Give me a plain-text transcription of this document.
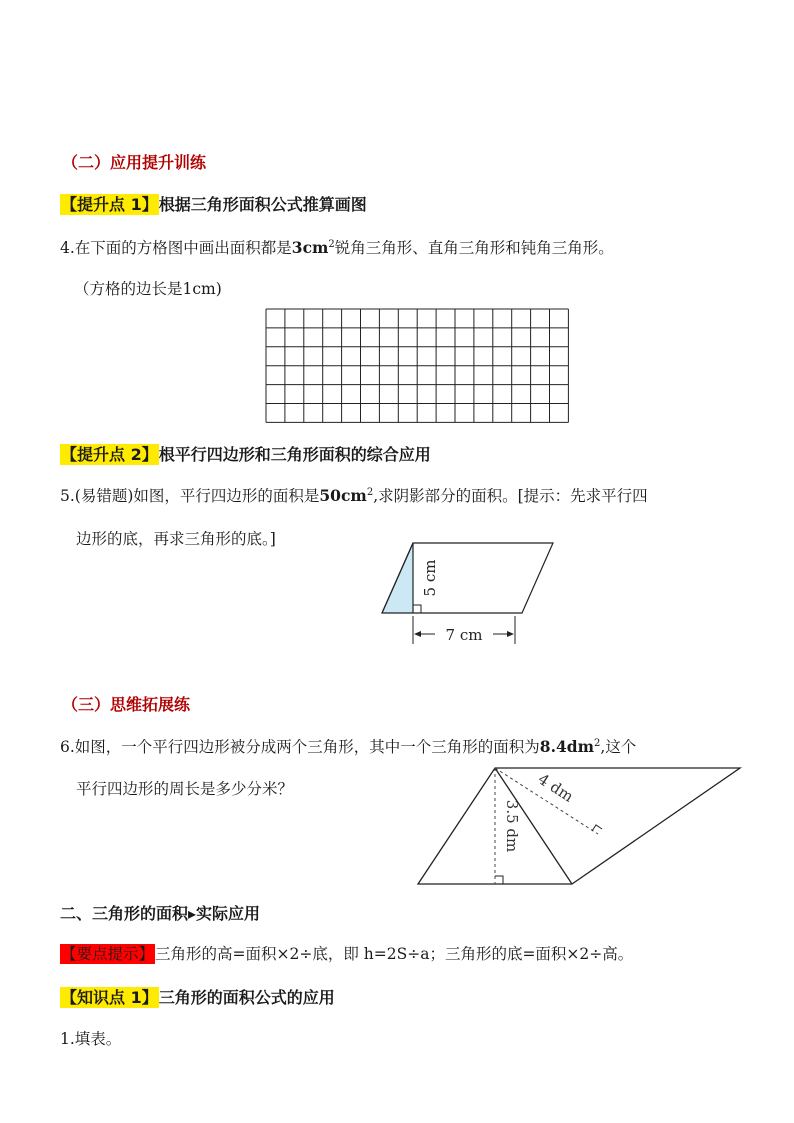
（二）应用提升训练
【提升点 1】根据三角形面积公式推算画图
4.在下面的方格图中画出面积都是$3cm^2$锐角三角形、直角三角形和钝角三角形。
（方格的边长是1cm)
【提升点 2】根平行四边形和三角形面积的综合应用
5.(易错题)如图，平行四边形的面积是$50cm^2$,求阴影部分的面积。[提示：先求平行四
边形的底，再求三角形的底。]
5 cm
7 cm
（三）思维拓展练
6.如图，一个平行四边形被分成两个三角形，其中一个三角形的面积为$8.4dm^2$,这个
平行四边形的周长是多少分米？	4 dm
3.5 dm
二、三角形的面积▸实际应用
【要点提示】三角形的高=面积×2÷底，即 h=2S÷a；三角形的底=面积×2÷高。
【知识点 1】三角形的面积公式的应用
1.填表。
